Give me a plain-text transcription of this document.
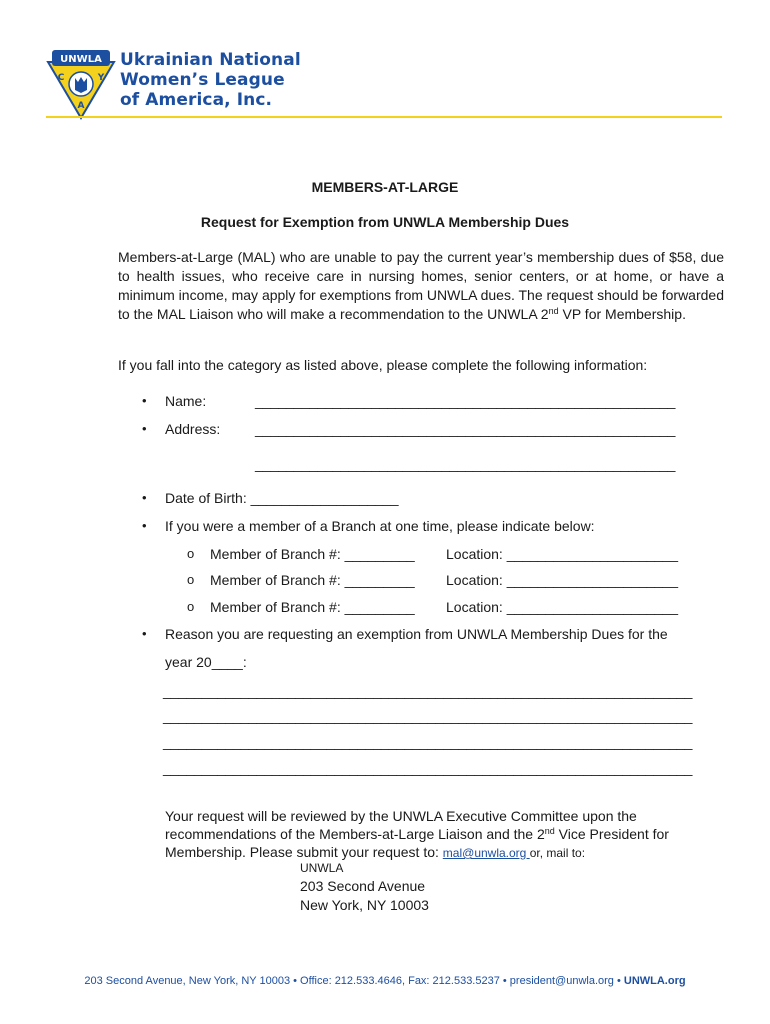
UNWLA
C	Y
A
Ukrainian National
Women’s League
of America, Inc.
MEMBERS-AT-LARGE
Request for Exemption from UNWLA Membership Dues
Members-at-Large (MAL) who are unable to pay the current year’s membership dues of $58, due to health issues, who receive care in nursing homes, senior centers, or at home, or have a minimum income, may apply for exemptions from UNWLA dues. The request should be forwarded to the MAL Liaison who will make a recommendation to the UNWLA 2nd VP for Membership.
If you fall into the category as listed above, please complete the following information:
• Name:	______________________________________________________
• Address: ______________________________________________________
______________________________________________________
• Date of Birth: ___________________
• If you were a member of a Branch at one time, please indicate below:
o Member of Branch #: _________ Location: ______________________
o Member of Branch #: _________ Location: ______________________
o Member of Branch #: _________ Location: ______________________
• Reason you are requesting an exemption from UNWLA Membership Dues for the
year 20____:
____________________________________________________________________
____________________________________________________________________
____________________________________________________________________
____________________________________________________________________
Your request will be reviewed by the UNWLA Executive Committee upon the recommendations of the Members-at-Large Liaison and the 2nd Vice President for Membership. Please submit your request to: mal@unwla.org or, mail to:
UNWLA
203 Second Avenue
New York, NY 10003
203 Second Avenue, New York, NY 10003 • Office: 212.533.4646, Fax: 212.533.5237 • president@unwla.org • UNWLA.org
